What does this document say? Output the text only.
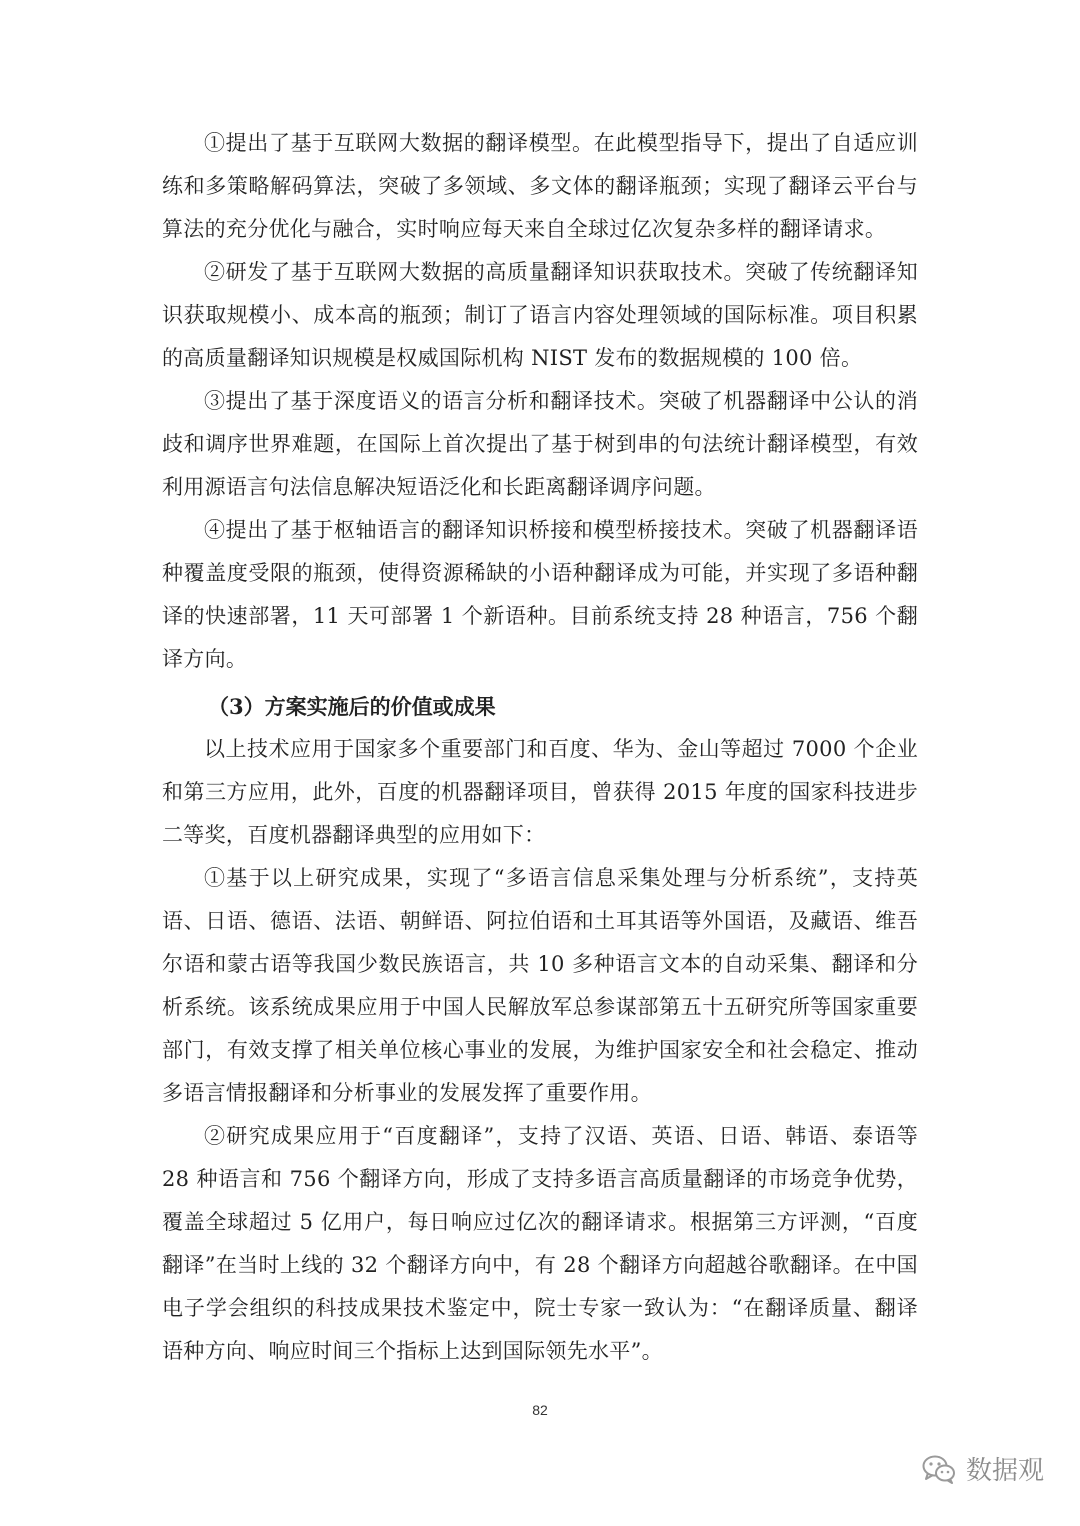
①提出了基于互联网大数据的翻译模型。在此模型指导下，提出了自适应训练和多策略解码算法，突破了多领域、多文体的翻译瓶颈；实现了翻译云平台与算法的充分优化与融合，实时响应每天来自全球过亿次复杂多样的翻译请求。

②研发了基于互联网大数据的高质量翻译知识获取技术。突破了传统翻译知识获取规模小、成本高的瓶颈；制订了语言内容处理领域的国际标准。项目积累的高质量翻译知识规模是权威国际机构 NIST 发布的数据规模的 100 倍。

③提出了基于深度语义的语言分析和翻译技术。突破了机器翻译中公认的消歧和调序世界难题，在国际上首次提出了基于树到串的句法统计翻译模型，有效利用源语言句法信息解决短语泛化和长距离翻译调序问题。

④提出了基于枢轴语言的翻译知识桥接和模型桥接技术。突破了机器翻译语种覆盖度受限的瓶颈，使得资源稀缺的小语种翻译成为可能，并实现了多语种翻译的快速部署，11 天可部署 1 个新语种。目前系统支持 28 种语言，756 个翻译方向。

（3）方案实施后的价值或成果

以上技术应用于国家多个重要部门和百度、华为、金山等超过 7000 个企业和第三方应用，此外，百度的机器翻译项目，曾获得 2015 年度的国家科技进步二等奖，百度机器翻译典型的应用如下：

①基于以上研究成果，实现了“多语言信息采集处理与分析系统”，支持英语、日语、德语、法语、朝鲜语、阿拉伯语和土耳其语等外国语，及藏语、维吾尔语和蒙古语等我国少数民族语言，共 10 多种语言文本的自动采集、翻译和分析系统。该系统成果应用于中国人民解放军总参谋部第五十五研究所等国家重要部门，有效支撑了相关单位核心事业的发展，为维护国家安全和社会稳定、推动多语言情报翻译和分析事业的发展发挥了重要作用。

②研究成果应用于“百度翻译”，支持了汉语、英语、日语、韩语、泰语等 28 种语言和 756 个翻译方向，形成了支持多语言高质量翻译的市场竞争优势，覆盖全球超过 5 亿用户，每日响应过亿次的翻译请求。根据第三方评测，“百度翻译”在当时上线的 32 个翻译方向中，有 28 个翻译方向超越谷歌翻译。在中国电子学会组织的科技成果技术鉴定中，院士专家一致认为：“在翻译质量、翻译语种方向、响应时间三个指标上达到国际领先水平”。

82
数据观
